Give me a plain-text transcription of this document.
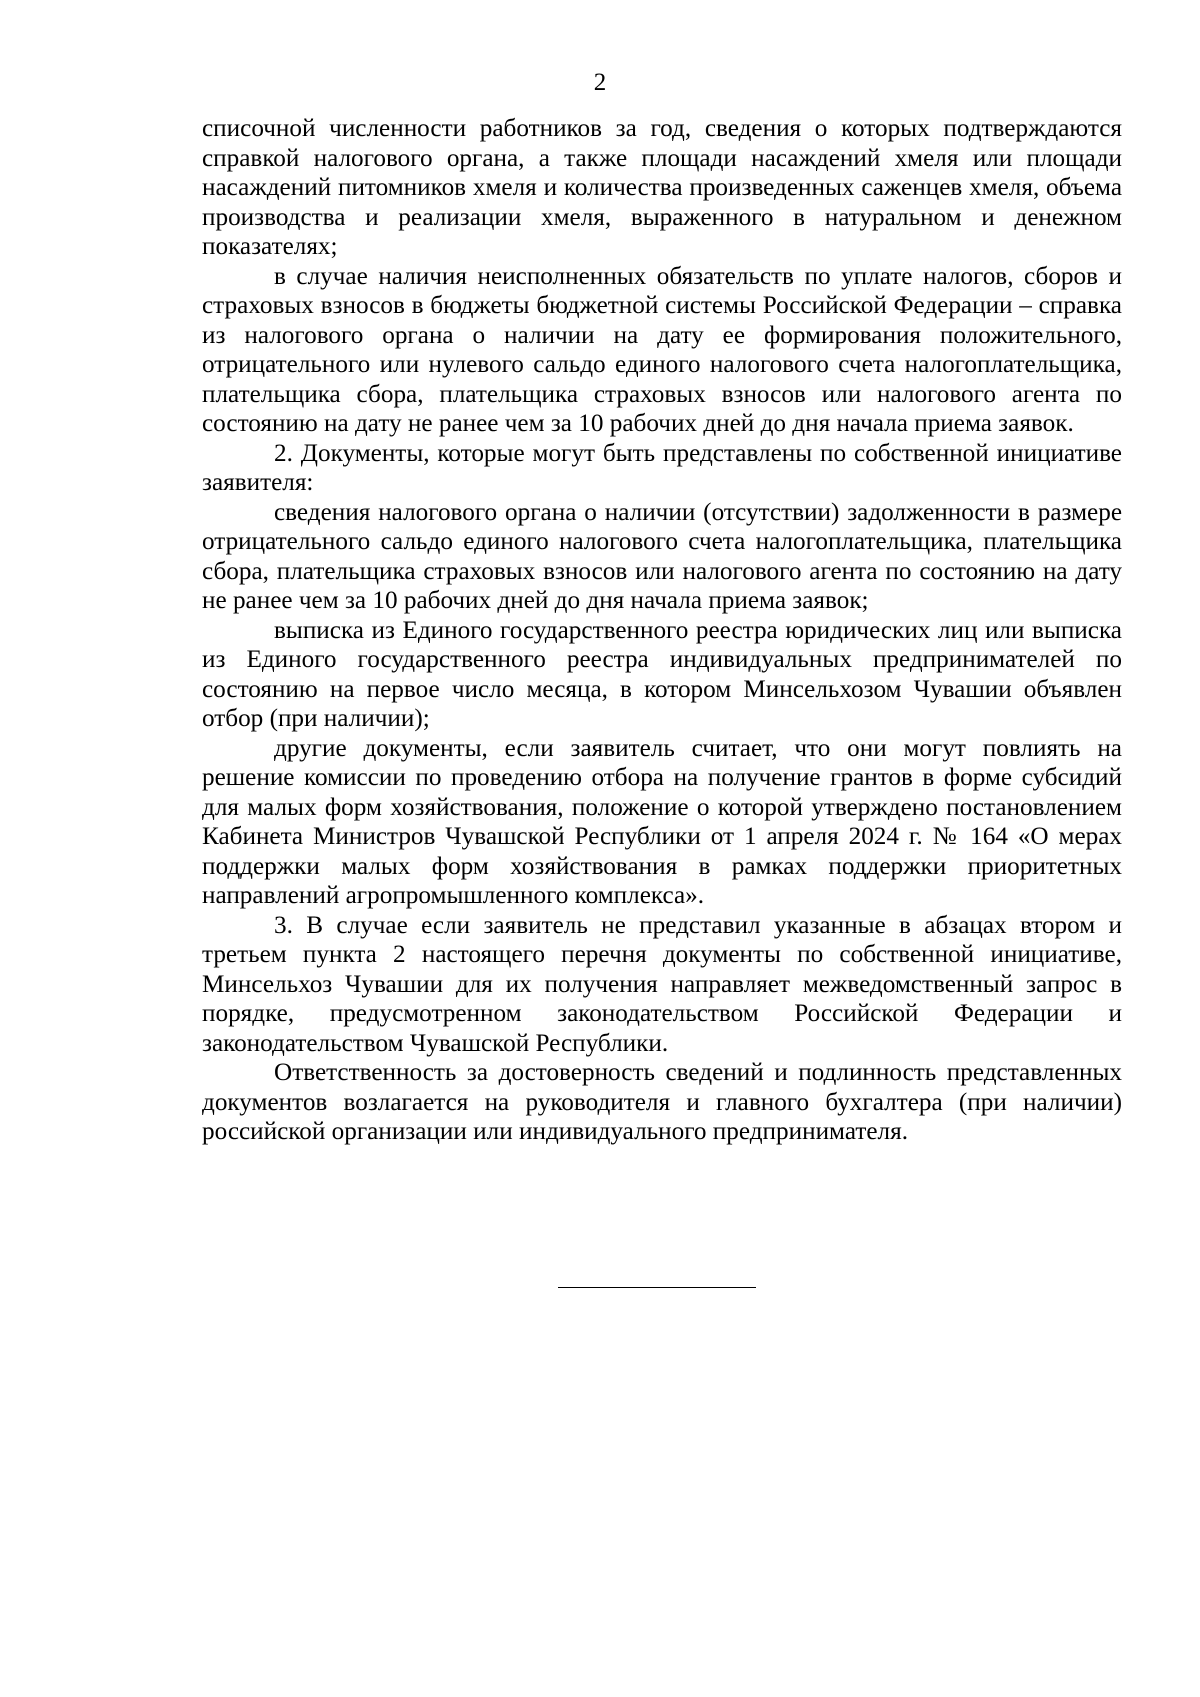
2

списочной численности работников за год, сведения о которых подтверждаются справкой налогового органа, а также площади насаждений хмеля или площади насаждений питомников хмеля и количества произведенных саженцев хмеля, объема производства и реализации хмеля, выраженного в натуральном и денежном показателях;

в случае наличия неисполненных обязательств по уплате налогов, сборов и страховых взносов в бюджеты бюджетной системы Российской Федерации – справка из налогового органа о наличии на дату ее формирования положительного, отрицательного или нулевого сальдо единого налогового счета налогоплательщика, плательщика сбора, плательщика страховых взносов или налогового агента по состоянию на дату не ранее чем за 10 рабочих дней до дня начала приема заявок.

2. Документы, которые могут быть представлены по собственной инициативе заявителя:

сведения налогового органа о наличии (отсутствии) задолженности в размере отрицательного сальдо единого налогового счета налогоплательщика, плательщика сбора, плательщика страховых взносов или налогового агента по состоянию на дату не ранее чем за 10 рабочих дней до дня начала приема заявок;

выписка из Единого государственного реестра юридических лиц или выписка из Единого государственного реестра индивидуальных предпринимателей по состоянию на первое число месяца, в котором Минсельхозом Чувашии объявлен отбор (при наличии);

другие документы, если заявитель считает, что они могут повлиять на решение комиссии по проведению отбора на получение грантов в форме субсидий для малых форм хозяйствования, положение о которой утверждено постановлением Кабинета Министров Чувашской Республики от 1 апреля 2024 г. № 164 «О мерах поддержки малых форм хозяйствования в рамках поддержки приоритетных направлений агропромышленного комплекса».

3. В случае если заявитель не представил указанные в абзацах втором и третьем пункта 2 настоящего перечня документы по собственной инициативе, Минсельхоз Чувашии для их получения направляет межведомственный запрос в порядке, предусмотренном законодательством Российской Федерации и законодательством Чувашской Республики.

Ответственность за достоверность сведений и подлинность представленных документов возлагается на руководителя и главного бухгалтера (при наличии) российской организации или индивидуального предпринимателя.
